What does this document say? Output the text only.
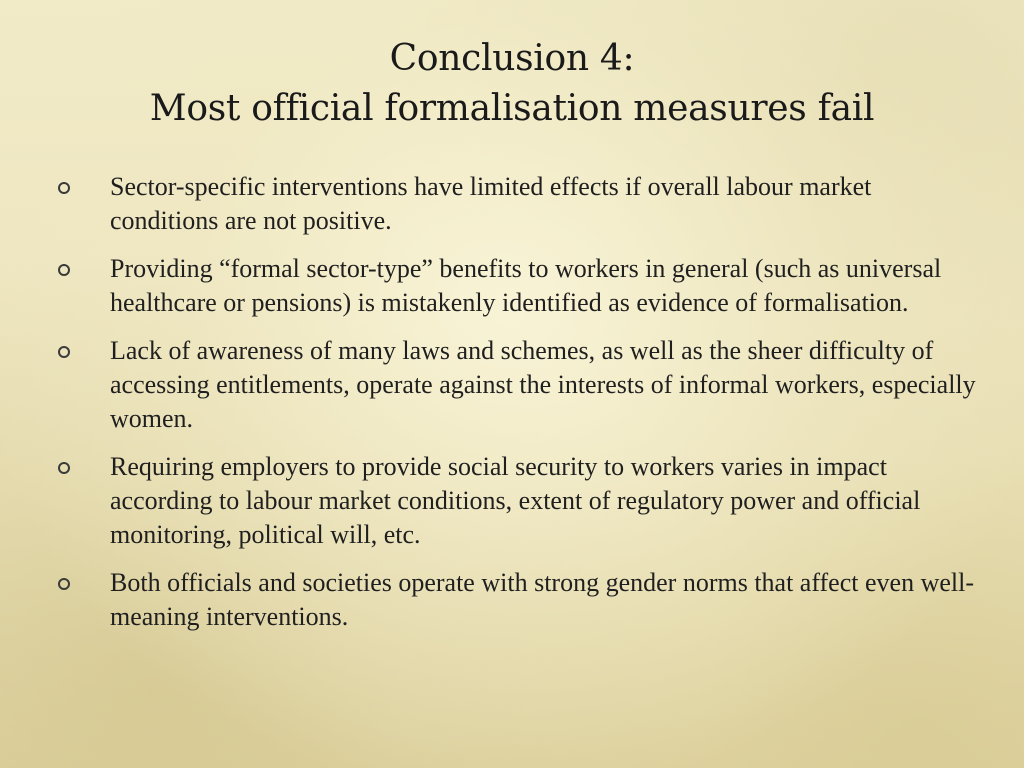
Conclusion 4:
Most official formalisation measures fail
Sector-specific interventions have limited effects if overall labour market conditions are not positive.
Providing “formal sector-type” benefits to workers in general (such as universal healthcare or pensions) is mistakenly identified as evidence of formalisation.
Lack of awareness of many laws and schemes, as well as the sheer difficulty of accessing entitlements, operate against the interests of informal workers, especially women.
Requiring employers to provide social security to workers varies in impact according to labour market conditions, extent of regulatory power and official monitoring, political will, etc.
Both officials and societies operate with strong gender norms that affect even well-meaning interventions.
